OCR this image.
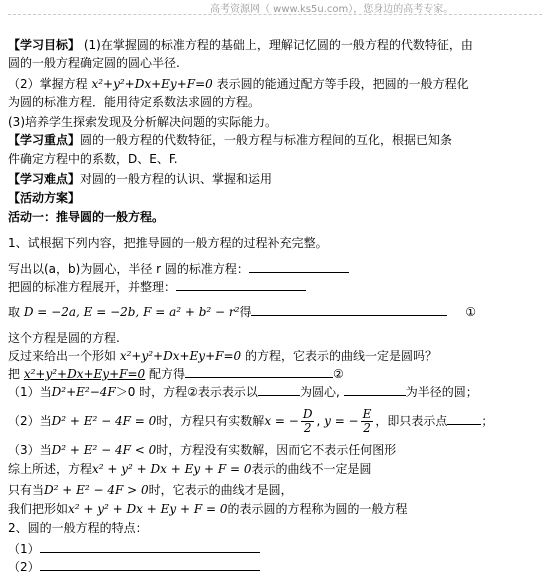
高考资源网（ www.ks5u.com），您身边的高考专家。
【学习目标】 (1)在掌握圆的标准方程的基础上，理解记忆圆的一般方程的代数特征，由
圆的一般方程确定圆的圆心半径.
（2）掌握方程 x²+y²+Dx+Ey+F=0 表示圆的能通过配方等手段，把圆的一般方程化
为圆的标准方程．能用待定系数法求圆的方程。
(3)培养学生探索发现及分析解决问题的实际能力。
【学习重点】圆的一般方程的代数特征，一般方程与标准方程间的互化，根据已知条
件确定方程中的系数，D、E、F.
【学习难点】对圆的一般方程的认识、掌握和运用
【活动方案】
活动一：推导圆的一般方程。
1、试根据下列内容，把推导圆的一般方程的过程补充完整。
写出以(a，b)为圆心，半径 r 圆的标准方程：
把圆的标准方程展开，并整理：
取 D = −2a, E = −2b, F = a² + b² − r²得	①
这个方程是圆的方程.
反过来给出一个形如 x²+y²+Dx+Ey+F=0 的方程，它表示的曲线一定是圆吗？
把 x²+y²+Dx+Ey+F=0 配方得	②
（1）当D²+E²−4F＞0 时，方程②表示表示以	为圆心,	为半径的圆；
（2）当D² + E² − 4F = 0时，方程只有实数解x = − $\frac{D}{2}$ , y = − $\frac{E}{2}$ ，即只表示点	；
（3）当D² + E² − 4F < 0时，方程没有实数解，因而它不表示任何图形
综上所述，方程x² + y² + Dx + Ey + F = 0表示的曲线不一定是圆
只有当D² + E² − 4F > 0时，它表示的曲线才是圆，
我们把形如x² + y² + Dx + Ey + F = 0的表示圆的方程称为圆的一般方程
2、圆的一般方程的特点：
（1）
（2）
